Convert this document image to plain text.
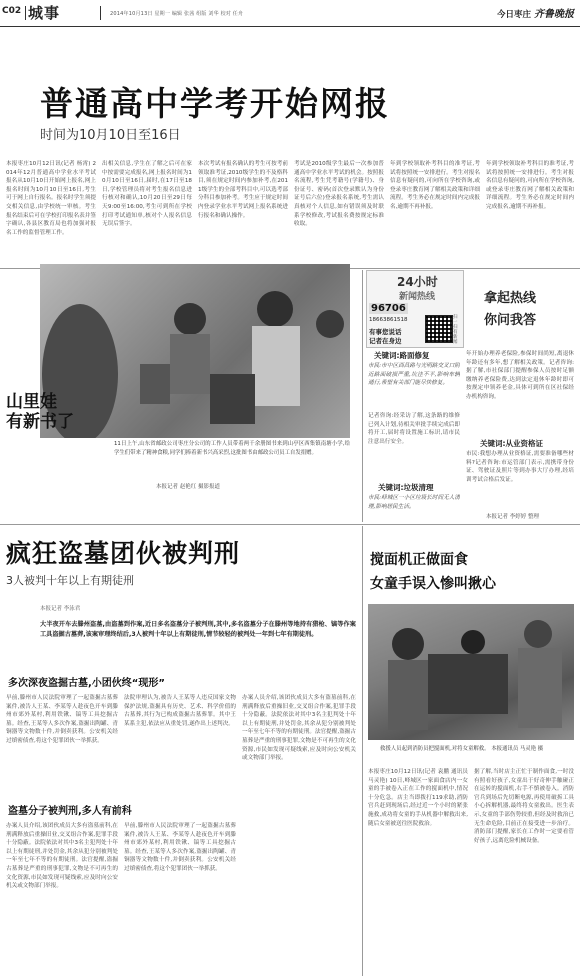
C02 城事	2014年10月13日 星期一 编辑 张茜 组版 刘华 校对 任舟	今日枣庄 齐鲁晚报
普通高中学考开始网报
时间为10月10日至16日
本报枣庄10月12日讯(记者 杨霄) 2014年12月普通高中学业水平考试报名从10月10日开始网上报名,网上报名时间为10月10日至16日,考生可于网上自行报名。报名时学生须提交相关信息,由学校统一审核。考生报名结束后可在学校打印报名表并签字确认,各县区教育局也将加强对报名工作的监督管理工作。
出相关信息,学生在了解之后可在家中按需要完成报名,网上报名时间为10月10日至16日,届时,在17日至18日,学校管理员将对考生报名信息进行核对和确认,10月20日至29日每天9:00至16:00,考生可到所在学校打印考试通知单,核对个人报名信息无误后签字。
本次考试有报名确认的考生可按考前领取准考证,2010级学生的不及格科目,须在规定时间内参加补考,在2011级学生的全部考科目中,可以选考部分科目参加补考。考生应于规定时间内登录学业水平考试网上报名系统进行报名和确认操作。
考试是2010级学生最后一次参加普通高中学业水平考试的机会。按照报名流程,考生凭考籍号(学籍号)、身份证号、密码(首次登录默认为身份证号后六位)登录报名系统,考生需认真核对个人信息,如有错误须及时联系学校修改,考试报名费按规定标准收取。
年到学校领取补考科目的准考证,考试将按照统一安排进行。考生对报名信息有疑问的,可向所在学校咨询,或登录枣庄教育网了解相关政策和详细流程。考生务必在规定时间内完成报名,逾期不再补报。
年到学校领取补考科目的准考证,考试将按照统一安排进行。考生对报名信息有疑问的,可向所在学校咨询,或登录枣庄教育网了解相关政策和详细流程。考生务必在规定时间内完成报名,逾期不再补报。
山里娃
有新书了
11日上午,山东省邮政公司枣庄分公司的工作人员带着两千余册图书来到山亭区西集镇南塘小学,给学生们带来了精神食粮,同学们捧着新书兴高采烈,这批图书由邮政公司员工自发捐赠。
本报记者 赵艳红 摄影报道
24小时
新闻热线
96706
18663861518
有事您说话
记者在身边
扫一扫 有新闻
拿起热线
你问我答
关键词:路面修复
市民:市中区西昌路与光明路交叉口附近路面破损严重,坑洼不平,影响车辆通行,希望有关部门能尽快修复。
记者咨询:经采访了解,这条路的维修已列入计划,待相关审批手续完成后即将开工,届时将设置施工标识,请市民注意出行安全。
关键词:垃圾清理
市民:峄城区一小区垃圾长时间无人清理,影响居民生活。
年开始办理养老保险,参保时间尚短,离退休年龄还有多年,想了解相关政策。记者咨询:据了解,市社保部门提醒参保人员按时足额缴纳养老保险费,达到法定退休年龄时即可按规定申领养老金,具体可到所在区社保经办机构咨询。
关键词:从业资格证
市民:我想办理从业资格证,需要准备哪些材料?记者咨询:市运管部门表示,需携带身份证、驾驶证及照片等到办事大厅办理,经培训考试合格后发证。
本报记者 李婷婷 整理
疯狂盗墓团伙被判刑
3人被判十年以上有期徒刑
本报记者 李泳君
大半夜开车去滕州盗墓,由盗墓到作案,近日多名盗墓分子被判刑,其中,多名盗墓分子在滕州等地持有猎枪、镐等作案工具盗掘古墓葬,该案审理终结后,3人被判十年以上有期徒刑,情节较轻的被判处一年到七年有期徒刑。
多次深夜盗掘古墓,小团伙终“现形”
早前,滕州市人民法院审理了一起盗掘古墓葬案件,被告人王某、李某等人趁夜色开车到滕州市郊外某村,利用铁锹、镐等工具挖掘古墓。经查,王某等人多次作案,盗掘出陶罐、青铜器等文物数十件,并倒卖获利。公安机关经过缜密侦查,将这个犯罪团伙一举抓获。
法院审理认为,被告人王某等人违反国家文物保护法规,盗掘具有历史、艺术、科学价值的古墓葬,其行为已构成盗掘古墓葬罪。其中王某系主犯,依法应从重处罚,遂作出上述判决。
办案人员介绍,该团伙成员大多有盗墓前科,在刑满释放后重操旧业,交叉组合作案,犯罪手段十分隐蔽。法院依法对其中3名主犯判处十年以上有期徒刑,并处罚金,其余从犯分别被判处一年至七年不等的有期徒刑。法官提醒,盗掘古墓葬是严重的刑事犯罪,文物是不可再生的文化资源,市民如发现可疑线索,应及时向公安机关或文物部门举报。
盗墓分子被判刑,多人有前科
办案人员介绍,该团伙成员大多有盗墓前科,在刑满释放后重操旧业,交叉组合作案,犯罪手段十分隐蔽。法院依法对其中3名主犯判处十年以上有期徒刑,并处罚金,其余从犯分别被判处一年至七年不等的有期徒刑。法官提醒,盗掘古墓葬是严重的刑事犯罪,文物是不可再生的文化资源,市民如发现可疑线索,应及时向公安机关或文物部门举报。
早前,滕州市人民法院审理了一起盗掘古墓葬案件,被告人王某、李某等人趁夜色开车到滕州市郊外某村,利用铁锹、镐等工具挖掘古墓。经查,王某等人多次作案,盗掘出陶罐、青铜器等文物数十件,并倒卖获利。公安机关经过缜密侦查,将这个犯罪团伙一举抓获。
搅面机正做面食
女童手误入惨叫揪心
救援人员起到消防员把搅面机,对将女童解救。 本报通讯员 马灵艳 摄
本报枣庄10月12日讯(记者 袁鹏 通讯员 马灵艳) 10日,峄城区一家面食店内一女童的手被卷入正在工作的搅面机中,情况十分危急。店主当即拨打119求助,消防官兵赶到现场后,经过近一个小时的紧张施救,成功将女童的手从机器中解救出来,随后女童被送往医院救治。
据了解,当时店主正忙于制作面食,一时没有照看好孩子,女童出于好奇伸手触碰正在运转的搅面机,右手不慎被卷入。消防官兵到场后先切断电源,再使用破拆工具小心拆解机器,最终将女童救出。医生表示,女童的手部伤势较重,但经及时救治已无生命危险,目前正在接受进一步治疗。消防部门提醒,家长在工作时一定要看管好孩子,远离危险机械设备。
